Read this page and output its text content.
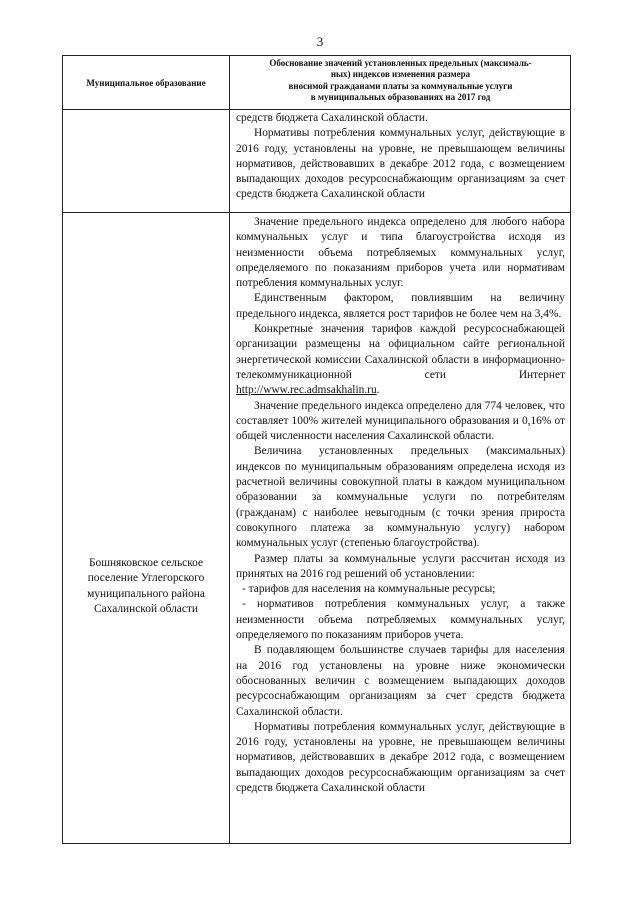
3
Муниципальное образование
Обоснование значений установленных предельных (максималь-
ных) индексов изменения размера
вносимой гражданами платы за коммунальные услуги
в муниципальных образованиях на 2017 год

средств бюджета Сахалинской области.

Нормативы потребления коммунальных услуг, действующие в 2016 году, установлены на уровне, не превышающем величины нормативов, действовавших в декабре 2012 года, с возмещением выпадающих доходов ресурсоснабжающим организациям за счет средств бюджета Сахалинской области

Бошняковское сельское поселение Углегорского муниципального района Сахалинской области

Значение предельного индекса определено для любого набора коммунальных услуг и типа благоустройства исходя из неизменности объема потребляемых коммунальных услуг, определяемого по показаниям приборов учета или нормативам потребления коммунальных услуг.

Единственным фактором, повлиявшим на величину предельного индекса, является рост тарифов не более чем на 3,4%.

Конкретные значения тарифов каждой ресурсоснабжающей организации размещены на официальном сайте региональной энергетической комиссии Сахалинской области в информационно-телекоммуникационной сети Интернет http://www.rec.admsakhalin.ru.

Значение предельного индекса определено для 774 человек, что составляет 100% жителей муниципального образования и 0,16% от общей численности населения Сахалинской области.

Величина установленных предельных (максимальных) индексов по муниципальным образованиям определена исходя из расчетной величины совокупной платы в каждом муниципальном образовании за коммунальные услуги по потребителям (гражданам) с наиболее невыгодным (с точки зрения прироста совокупного платежа за коммунальную услугу) набором коммунальных услуг (степенью благоустройства).

Размер платы за коммунальные услуги рассчитан исходя из принятых на 2016 год решений об установлении:

- тарифов для населения на коммунальные ресурсы;

- нормативов потребления коммунальных услуг, а также неизменности объема потребляемых коммунальных услуг, определяемого по показаниям приборов учета.

В подавляющем большинстве случаев тарифы для населения на 2016 год установлены на уровне ниже экономически обоснованных величин с возмещением выпадающих доходов ресурсоснабжающим организациям за счет средств бюджета Сахалинской области.

Нормативы потребления коммунальных услуг, действующие в 2016 году, установлены на уровне, не превышающем величины нормативов, действовавших в декабре 2012 года, с возмещением выпадающих доходов ресурсоснабжающим организациям за счет средств бюджета Сахалинской области
